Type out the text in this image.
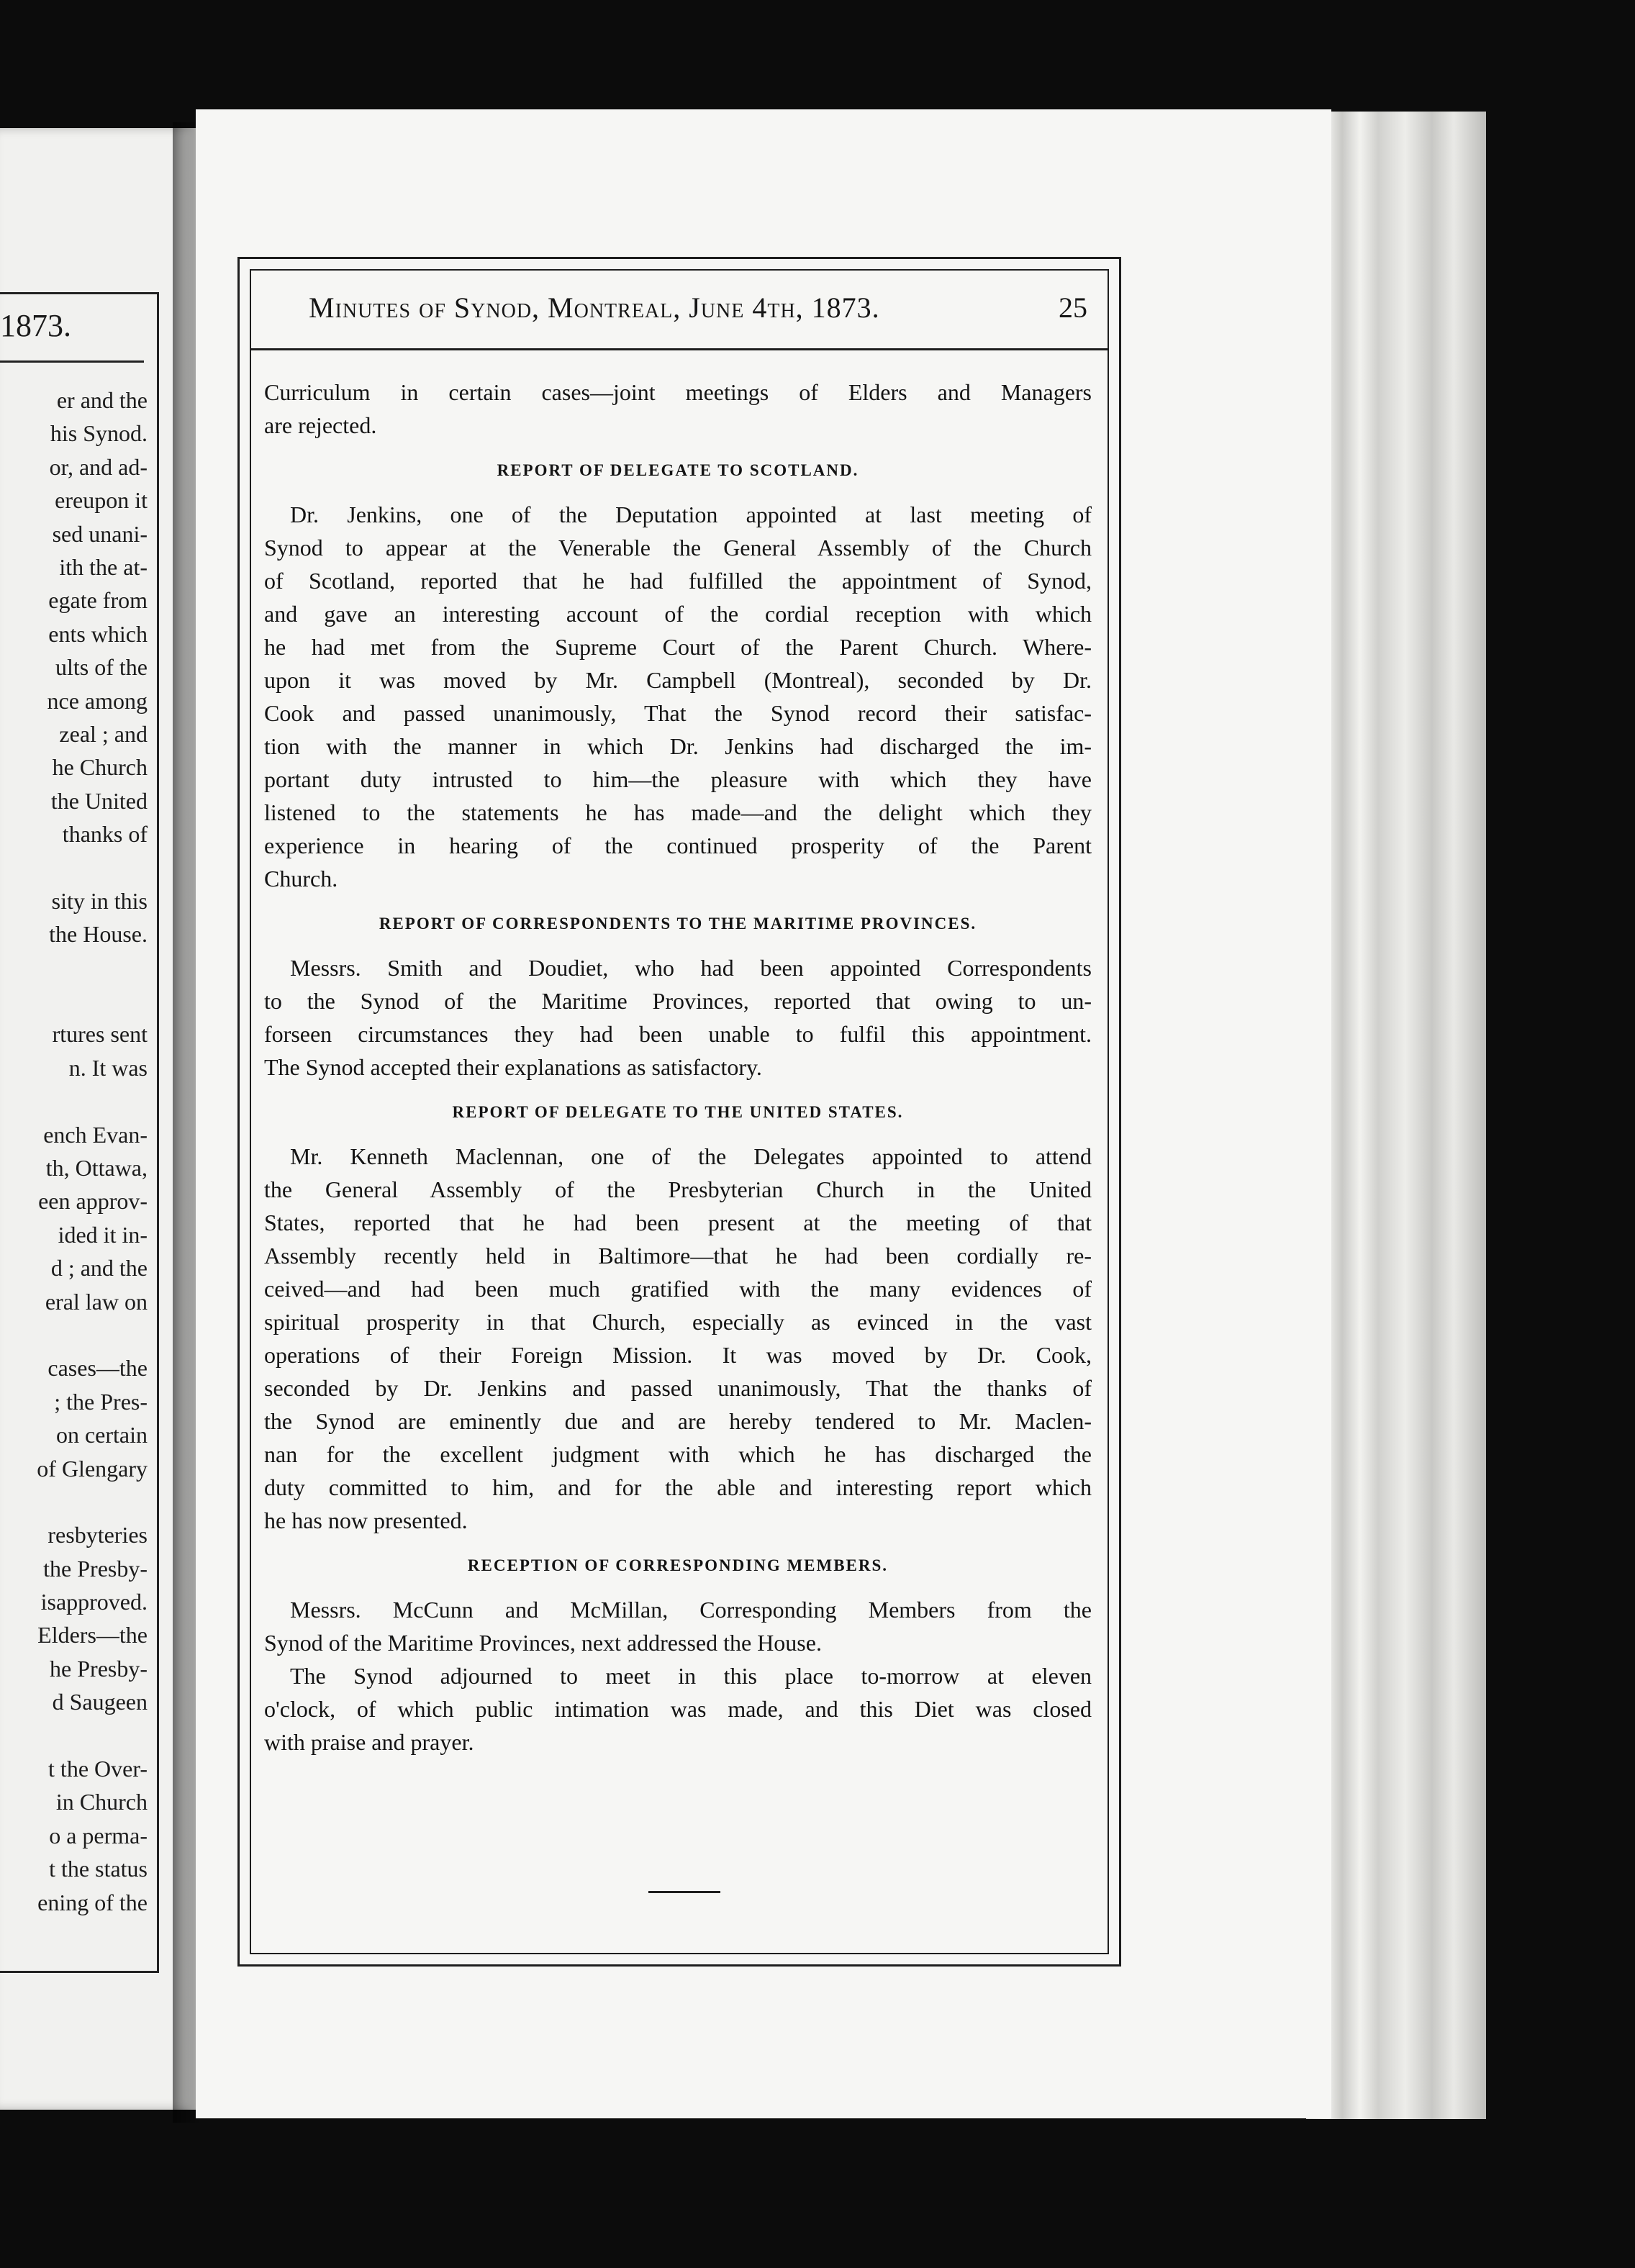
1873.
er and the
his Synod.
or, and ad-
ereupon it
sed unani-
ith the at-
egate from
ents which
ults of the
nce among
zeal ; and
he Church
the United
thanks of
sity in this
the House.
rtures sent
n. It was
ench Evan-
th, Ottawa,
een approv-
ided it in-
d ; and the
eral law on
cases—the
; the Pres-
on certain
of Glengary
resbyteries
the Presby-
isapproved.
Elders—the
he Presby-
d Saugeen
t the Over-
in Church
o a perma-
t the status
ening of the
Minutes of Synod, Montreal, June 4th, 1873.	25
Curriculum in certain cases—joint meetings of Elders and Managers
are rejected.
REPORT OF DELEGATE TO SCOTLAND.
Dr. Jenkins, one of the Deputation appointed at last meeting of
Synod to appear at the Venerable the General Assembly of the Church
of Scotland, reported that he had fulfilled the appointment of Synod,
and gave an interesting account of the cordial reception with which
he had met from the Supreme Court of the Parent Church. Where-
upon it was moved by Mr. Campbell (Montreal), seconded by Dr.
Cook and passed unanimously, That the Synod record their satisfac-
tion with the manner in which Dr. Jenkins had discharged the im-
portant duty intrusted to him—the pleasure with which they have
listened to the statements he has made—and the delight which they
experience in hearing of the continued prosperity of the Parent
Church.
REPORT OF CORRESPONDENTS TO THE MARITIME PROVINCES.
Messrs. Smith and Doudiet, who had been appointed Correspondents
to the Synod of the Maritime Provinces, reported that owing to un-
forseen circumstances they had been unable to fulfil this appointment.
The Synod accepted their explanations as satisfactory.
REPORT OF DELEGATE TO THE UNITED STATES.
Mr. Kenneth Maclennan, one of the Delegates appointed to attend
the General Assembly of the Presbyterian Church in the United
States, reported that he had been present at the meeting of that
Assembly recently held in Baltimore—that he had been cordially re-
ceived—and had been much gratified with the many evidences of
spiritual prosperity in that Church, especially as evinced in the vast
operations of their Foreign Mission. It was moved by Dr. Cook,
seconded by Dr. Jenkins and passed unanimously, That the thanks of
the Synod are eminently due and are hereby tendered to Mr. Maclen-
nan for the excellent judgment with which he has discharged the
duty committed to him, and for the able and interesting report which
he has now presented.
RECEPTION OF CORRESPONDING MEMBERS.
Messrs. McCunn and McMillan, Corresponding Members from the
Synod of the Maritime Provinces, next addressed the House.
The Synod adjourned to meet in this place to-morrow at eleven
o'clock, of which public intimation was made, and this Diet was closed
with praise and prayer.
